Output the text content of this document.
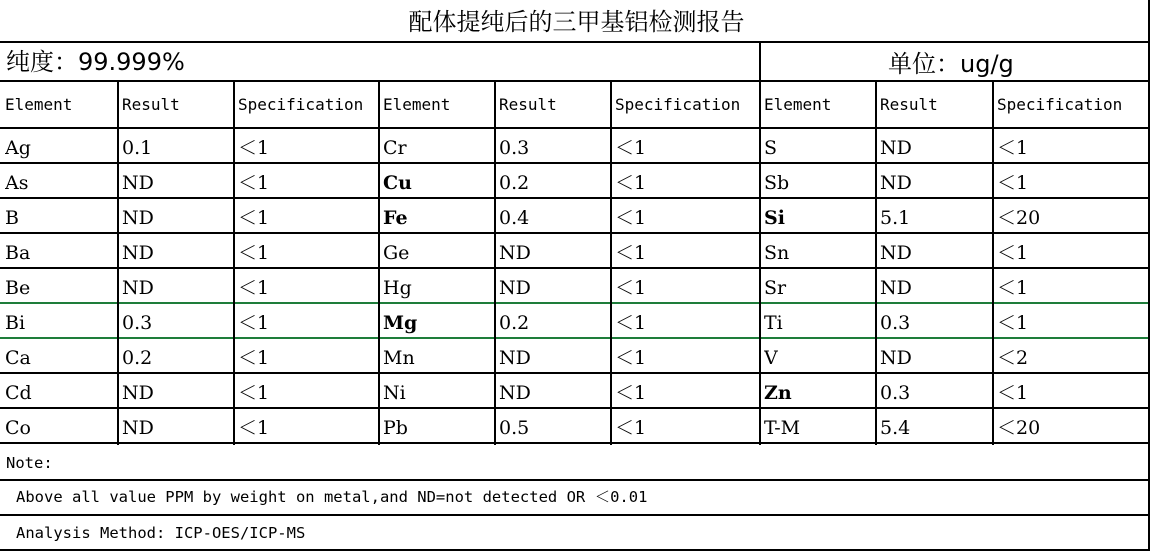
配体提纯后的三甲基铝检测报告
纯度：99.999%	单位：ug/g
Element	Result	Specification	Element	Result	Specification	Element	Result	Specification
Ag	0.1	＜1	Cr	0.3	＜1	S	ND	＜1
As	ND	＜1	Cu	0.2	＜1	Sb	ND	＜1
B	ND	＜1	Fe	0.4	＜1	Si	5.1	＜20
Ba	ND	＜1	Ge	ND	＜1	Sn	ND	＜1
Be	ND	＜1	Hg	ND	＜1	Sr	ND	＜1
Bi	0.3	＜1	Mg	0.2	＜1	Ti	0.3	＜1
Ca	0.2	＜1	Mn	ND	＜1	V	ND	＜2
Cd	ND	＜1	Ni	ND	＜1	Zn	0.3	＜1
Co	ND	＜1	Pb	0.5	＜1	T-M	5.4	＜20
Note:
Above all value PPM by weight on metal,and ND=not detected OR ＜0.01
Analysis Method: ICP-OES/ICP-MS
